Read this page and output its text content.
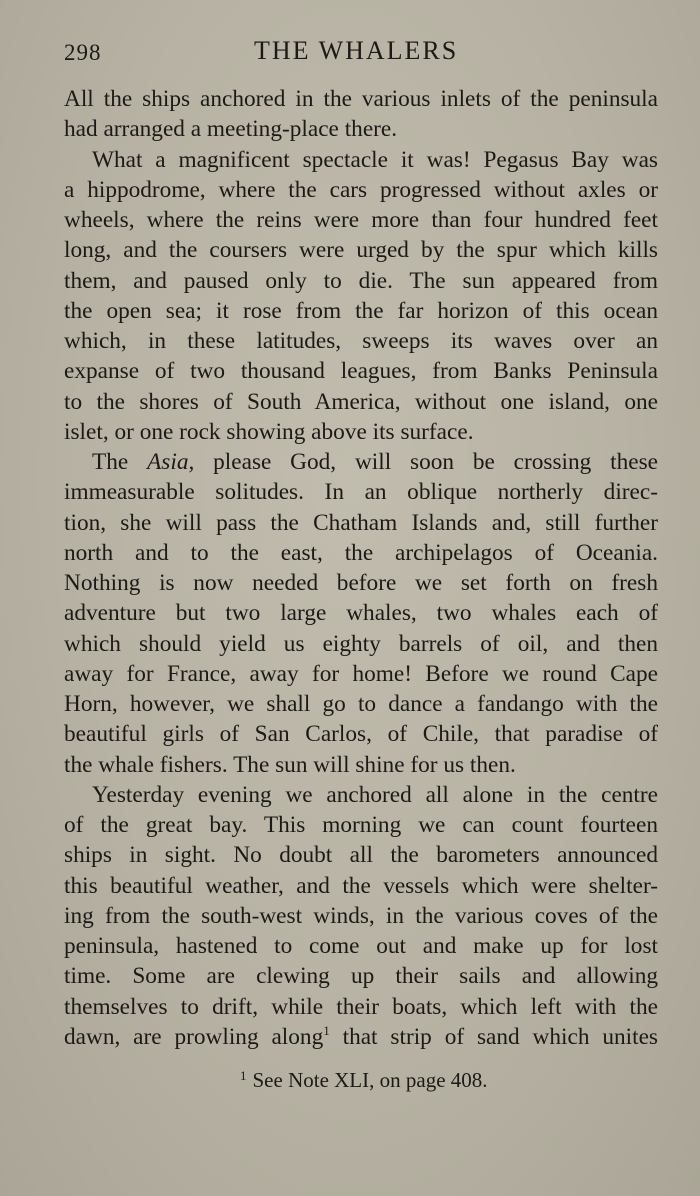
298	THE WHALERS
All the ships anchored in the various inlets of the peninsula
had arranged a meeting-place there.
What a magnificent spectacle it was! Pegasus Bay was
a hippodrome, where the cars progressed without axles or
wheels, where the reins were more than four hundred feet
long, and the coursers were urged by the spur which kills
them, and paused only to die. The sun appeared from
the open sea; it rose from the far horizon of this ocean
which, in these latitudes, sweeps its waves over an
expanse of two thousand leagues, from Banks Peninsula
to the shores of South America, without one island, one
islet, or one rock showing above its surface.
The Asia, please God, will soon be crossing these
immeasurable solitudes. In an oblique northerly direc-
tion, she will pass the Chatham Islands and, still further
north and to the east, the archipelagos of Oceania.
Nothing is now needed before we set forth on fresh
adventure but two large whales, two whales each of
which should yield us eighty barrels of oil, and then
away for France, away for home! Before we round Cape
Horn, however, we shall go to dance a fandango with the
beautiful girls of San Carlos, of Chile, that paradise of
the whale fishers. The sun will shine for us then.
Yesterday evening we anchored all alone in the centre
of the great bay. This morning we can count fourteen
ships in sight. No doubt all the barometers announced
this beautiful weather, and the vessels which were shelter-
ing from the south-west winds, in the various coves of the
peninsula, hastened to come out and make up for lost
time. Some are clewing up their sails and allowing
themselves to drift, while their boats, which left with the
dawn, are prowling along$^1$ that strip of sand which unites
$^1$ See Note XLI, on page 408.
